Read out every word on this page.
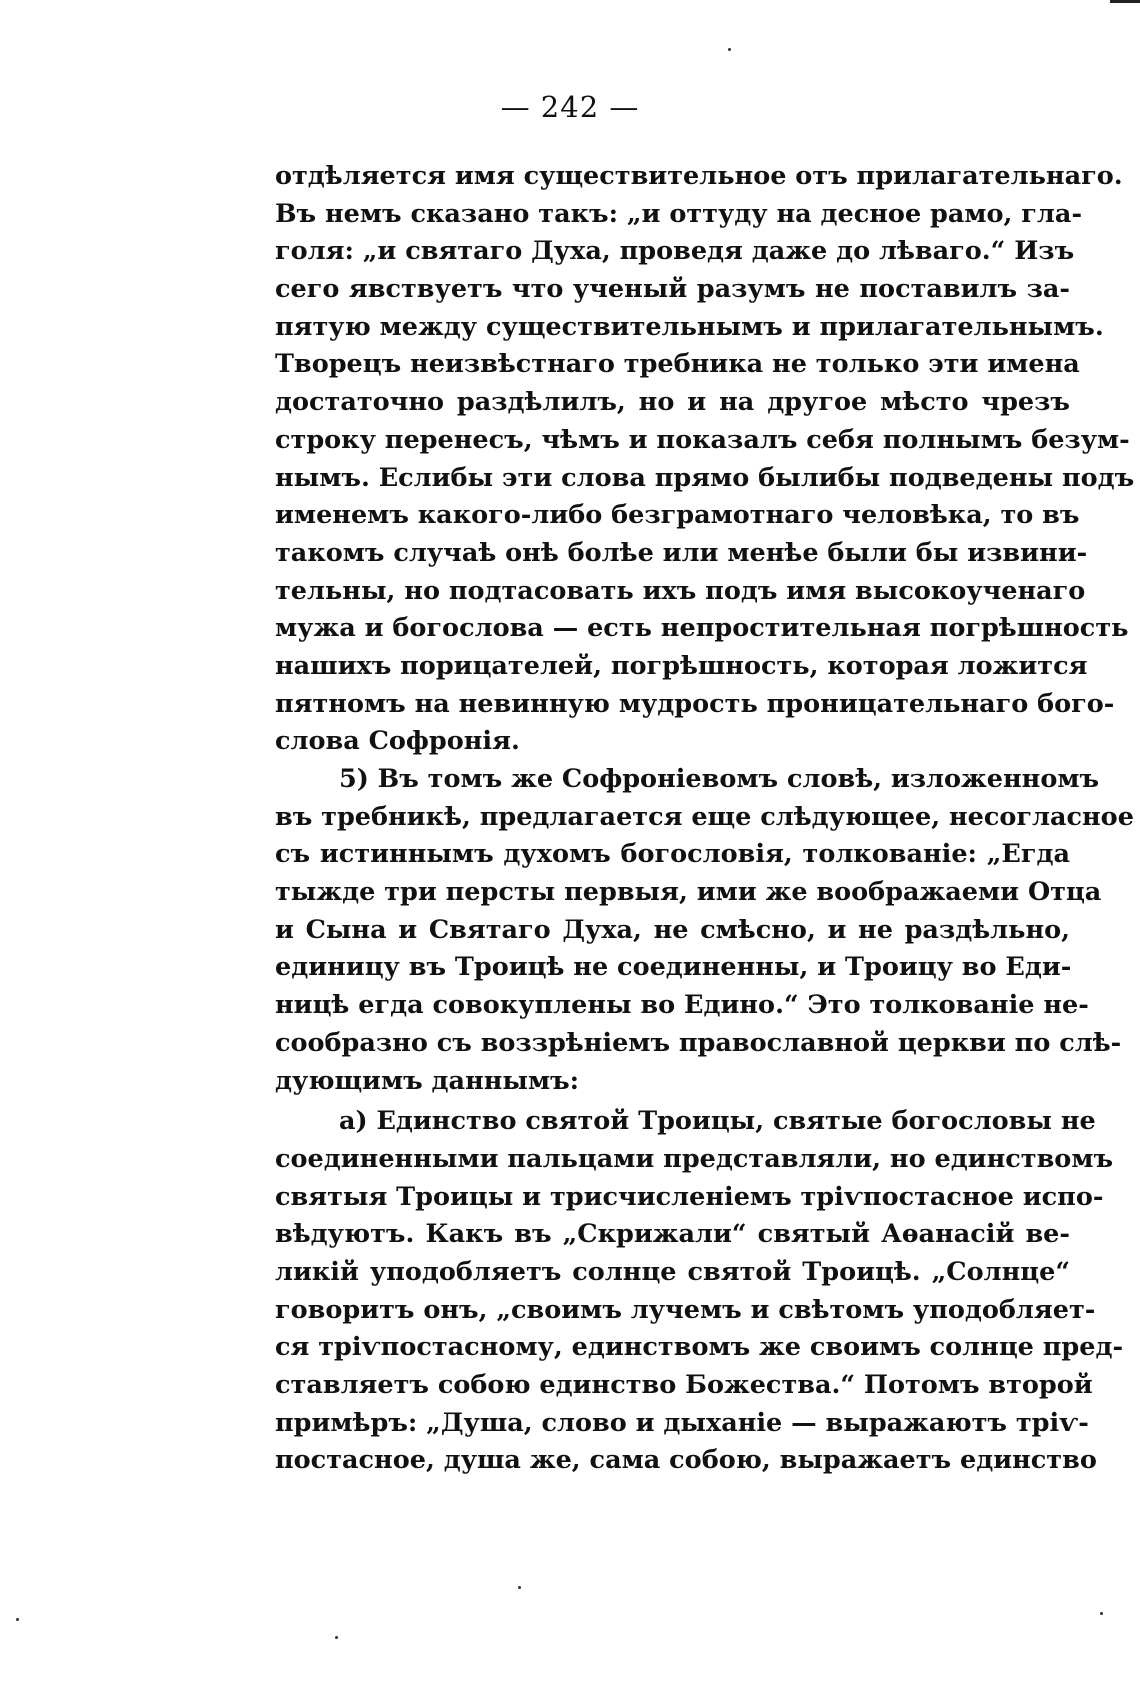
— 242 —
отдѣляется имя существительное отъ прилагательнаго.
Въ немъ сказано такъ: „и оттуду на десное рамо, гла-
голя: „и святаго Духа, проведя даже до лѣваго.“ Изъ
сего явствуетъ что ученый разумъ не поставилъ за-
пятую между существительнымъ и прилагательнымъ.
Творецъ неизвѣстнаго требника не только эти имена
достаточно раздѣлилъ, но и на другое мѣсто чрезъ
строку перенесъ, чѣмъ и показалъ себя полнымъ безум-
нымъ. Еслибы эти слова прямо былибы подведены подъ
именемъ какого-либо безграмотнаго человѣка, то въ
такомъ случаѣ онѣ болѣе или менѣе были бы извини-
тельны, но подтасовать ихъ подъ имя высокоученаго
мужа и богослова — есть непростительная погрѣшность
нашихъ порицателей, погрѣшность, которая ложится
пятномъ на невинную мудрость проницательнаго бого-
слова Софронія.
5) Въ томъ же Софроніевомъ словѣ, изложенномъ
въ требникѣ, предлагается еще слѣдующее, несогласное
съ истиннымъ духомъ богословія, толкованіе: „Егда
тыжде три персты первыя, ими же воображаеми Отца
и Сына и Святаго Духа, не смѣсно, и не раздѣльно,
единицу въ Троицѣ не соединенны, и Троицу во Еди-
ницѣ егда совокуплены во Едино.“ Это толкованіе не-
сообразно съ воззрѣніемъ православной церкви по слѣ-
дующимъ даннымъ:
а) Единство святой Троицы, святые богословы не
соединенными пальцами представляли, но единствомъ
святыя Троицы и трисчисленіемъ тріѵпостасное испо-
вѣдуютъ. Какъ въ „Скрижали“ святый Аѳанасій ве-
ликій уподобляетъ солнце святой Троицѣ. „Солнце“
говоритъ онъ, „своимъ лучемъ и свѣтомъ уподобляет-
ся тріѵпостасному, единствомъ же своимъ солнце пред-
ставляетъ собою единство Божества.“ Потомъ второй
примѣръ: „Душа, слово и дыханіе — выражаютъ тріѵ-
постасное, душа же, сама собою, выражаетъ единство
